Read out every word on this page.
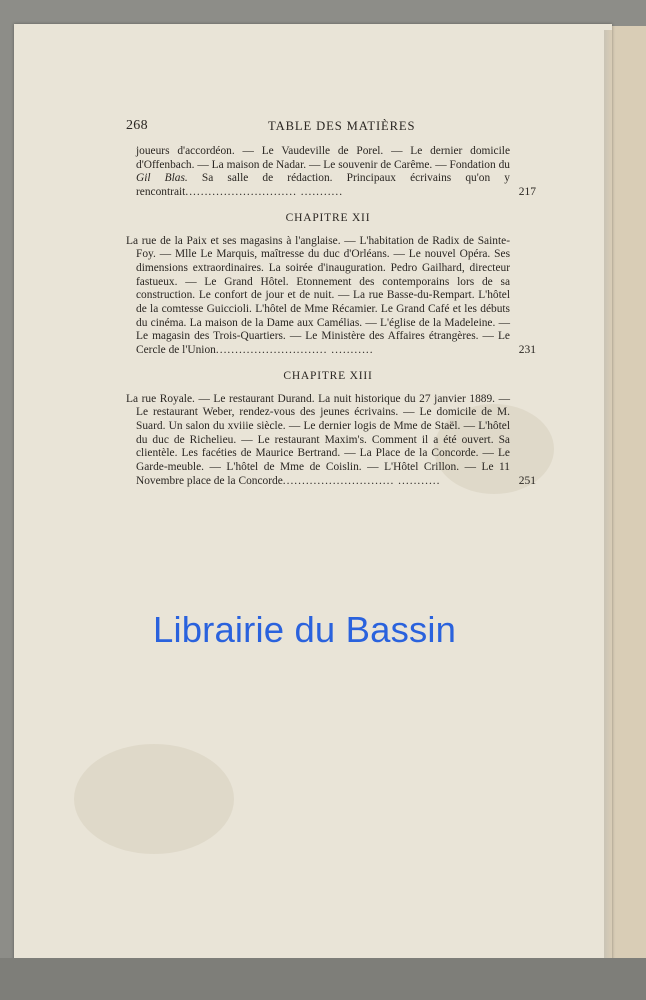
268	TABLE DES MATIÈRES

joueurs d'accordéon. — Le Vaudeville de Porel. — Le dernier domicile d'Offenbach. — La maison de Nadar. — Le souvenir de Carême. — Fondation du Gil Blas. Sa salle de rédaction. Principaux écrivains qu'on y rencontrait............................. ...........	217
CHAPITRE XII

La rue de la Paix et ses magasins à l'anglaise. — L'habitation de Radix de Sainte-Foy. — Mlle Le Marquis, maîtresse du duc d'Orléans. — Le nouvel Opéra. Ses dimensions extraordinaires. La soirée d'inauguration. Pedro Gailhard, directeur fastueux. — Le Grand Hôtel. Etonnement des contemporains lors de sa construction. Le confort de jour et de nuit. — La rue Basse-du-Rempart. L'hôtel de la comtesse Guiccioli. L'hôtel de Mme Récamier. Le Grand Café et les débuts du cinéma. La maison de la Dame aux Camélias. — L'église de la Madeleine. — Le magasin des Trois-Quartiers. — Le Ministère des Affaires étrangères. — Le Cercle de l'Union............................. ...........	231
CHAPITRE XIII

La rue Royale. — Le restaurant Durand. La nuit historique du 27 janvier 1889. — Le restaurant Weber, rendez-vous des jeunes écrivains. — Le domicile de M. Suard. Un salon du xviiie siècle. — Le dernier logis de Mme de Staël. — L'hôtel du duc de Richelieu. — Le restaurant Maxim's. Comment il a été ouvert. Sa clientèle. Les facéties de Maurice Bertrand. — La Place de la Concorde. — Le Garde-meuble. — L'hôtel de Mme de Coislin. — L'Hôtel Crillon. — Le 11 Novembre place de la Concorde............................. ...........	251
Librairie du Bassin
